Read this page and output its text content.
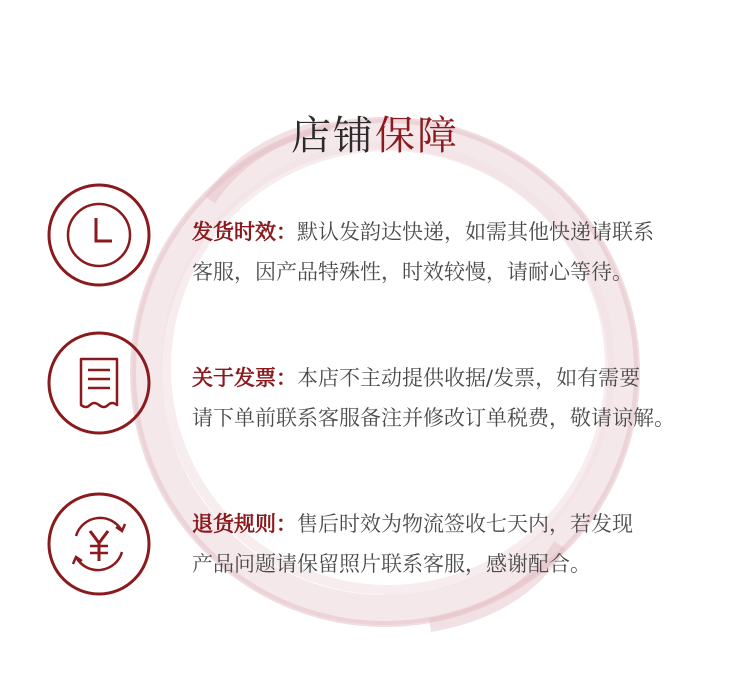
店铺保障
发货时效：默认发韵达快递，如需其他快递请联系
客服，因产品特殊性，时效较慢，请耐心等待。
关于发票：本店不主动提供收据/发票，如有需要
请下单前联系客服备注并修改订单税费，敬请谅解。
退货规则：售后时效为物流签收七天内，若发现
产品问题请保留照片联系客服，感谢配合。
